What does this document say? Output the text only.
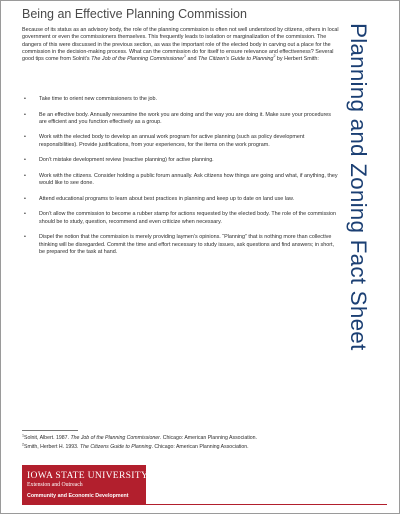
Being an Effective Planning Commission

Because of its status as an advisory body, the role of the planning commission is often not well understood by citizens, others in local government or even the commissioners themselves. This frequently leads to isolation or marginalization of the commission. The dangers of this were discussed in the previous section, as was the important role of the elected body in carving out a place for the commission in the decision-making process. What can the commission do for itself to ensure relevance and effectiveness? Several good tips come from Solnit’s The Job of the Planning Commissioner$^1$ and The Citizen’s Guide to Planning$^2$ by Herbert Smith:

• Take time to orient new commissioners to the job.
• Be an effective body. Annually reexamine the work you are doing and the way you are doing it. Make sure your procedures are efficient and you function effectively as a group.
• Work with the elected body to develop an annual work program for active planning (such as policy development responsibilities). Provide justifications, from your experiences, for the items on the work program.
• Don’t mistake development review (reactive planning) for active planning.
• Work with the citizens. Consider holding a public forum annually. Ask citizens how things are going and what, if anything, they would like to see done.
• Attend educational programs to learn about best practices in planning and keep up to date on land use law.
• Don’t allow the commission to become a rubber stamp for actions requested by the elected body. The role of the commission should be to study, question, recommend and even criticize when necessary.
• Dispel the notion that the commission is merely providing laymen’s opinions. “Planning” that is nothing more than collective thinking will be disregarded. Commit the time and effort necessary to study issues, ask questions and find answers; in short, be prepared for the task at hand.	Planning and Zoning Fact Sheet

$^1$Solnit, Albert. 1987. The Job of the Planning Commissioner. Chicago: American Planning Association.

$^2$Smith, Herbert H. 1993. The Citizens Guide to Planning. Chicago: American Planning Association.

IOWA STATE UNIVERSITY

Extension and Outreach

Community and Economic Development
